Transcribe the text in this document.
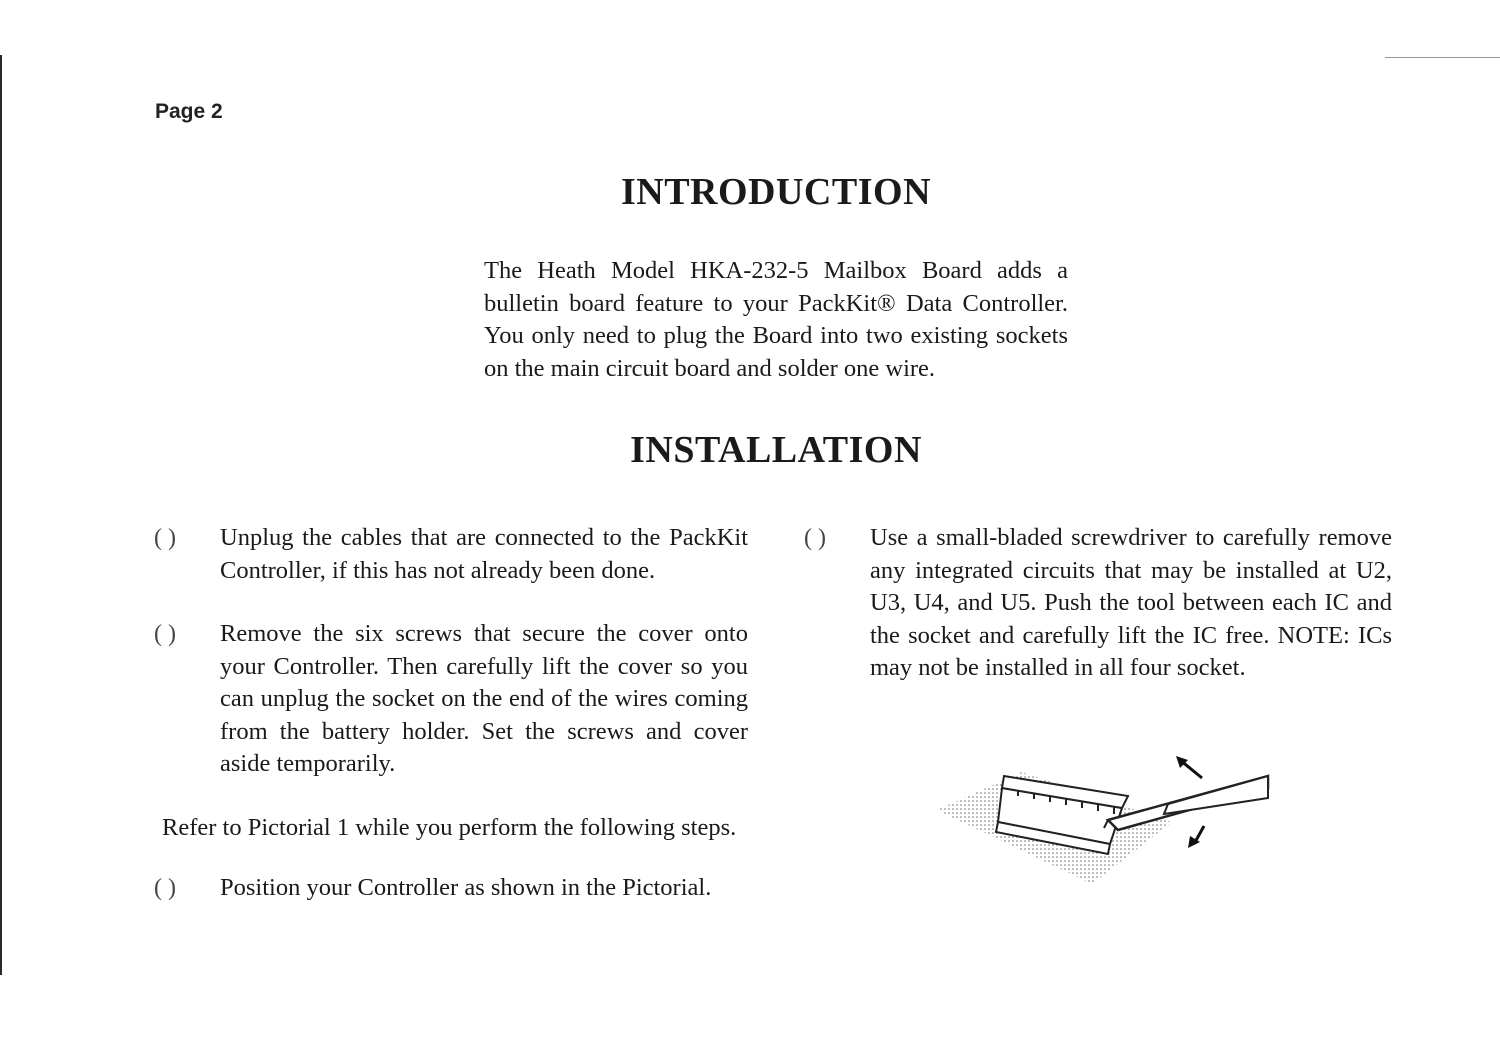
Page 2
INTRODUCTION

The Heath Model HKA-232-5 Mailbox Board adds a bulletin board feature to your PackKit® Data Controller. You only need to plug the Board into two existing sockets on the main circuit board and solder one wire.

INSTALLATION
( )	Unplug the cables that are connected to the PackKit Controller, if this has not already been done.
( )	Remove the six screws that secure the cover onto your Controller. Then carefully lift the cover so you can unplug the socket on the end of the wires coming from the battery holder. Set the screws and cover aside temporarily.

Refer to Pictorial 1 while you perform the following steps.

( )	Position your Controller as shown in the Pictorial.
( )	Use a small-bladed screwdriver to carefully remove any integrated circuits that may be installed at U2, U3, U4, and U5. Push the tool between each IC and the socket and carefully lift the IC free. NOTE: ICs may not be installed in all four socket.
